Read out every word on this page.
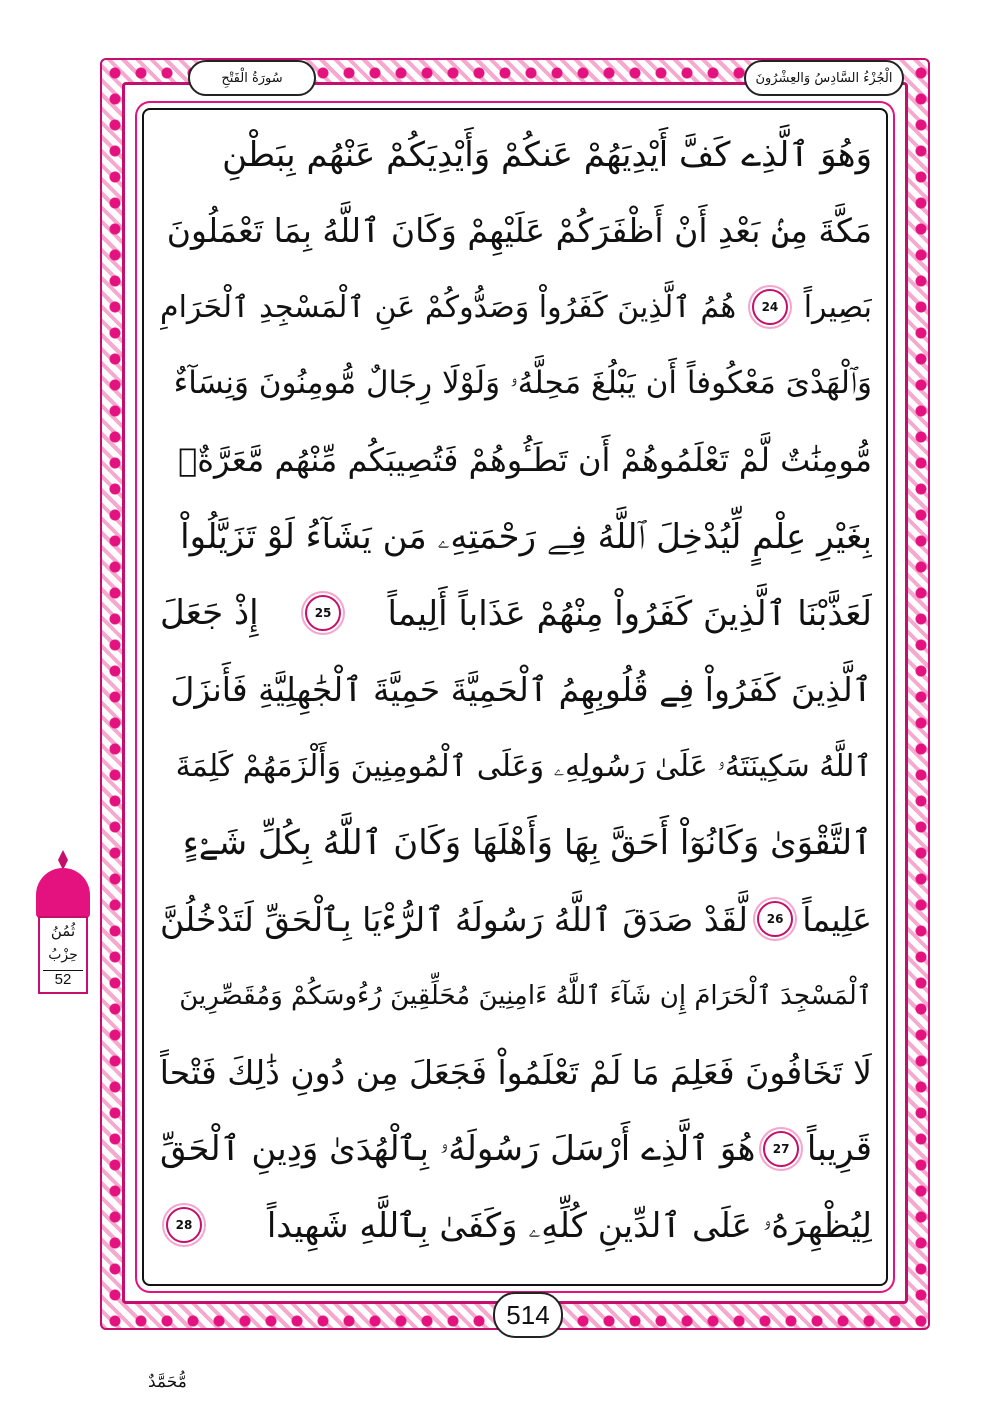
سُورَةُ الْفَتْحِ	الْجُزْءُ السَّادِسُ وَالعِشْرُونَ
وَهُوَ ٱلَّذِے كَفَّ أَيْدِيَهُمْ عَنكُمْ وَأَيْدِيَكُمْ عَنْهُم بِبَطْنِ
مَكَّةَ مِنۢ بَعْدِ أَنْ أَظْفَرَكُمْ عَلَيْهِمْ وَكَانَ ٱللَّهُ بِمَا تَعْمَلُونَ
بَصِيراً
24
هُمُ ٱلَّذِينَ كَفَرُواْ وَصَدُّوكُمْ عَنِ ٱلْمَسْجِدِ ٱلْحَرَامِ
وَٱلْهَدْىَ مَعْكُوفاً أَن يَبْلُغَ مَحِلَّهُۥ وَلَوْلَا رِجَالٌ مُّومِنُونَ وَنِسَآءٌ
مُّومِنَٰتٌ لَّمْ تَعْلَمُوهُمْ أَن تَطَـُٔوهُمْ فَتُصِيبَكُم مِّنْهُم مَّعَرَّةٌۢ
بِغَيْرِ عِلْمٍ لِّيُدْخِلَ ٱللَّهُ فِے رَحْمَتِهِۦ مَن يَشَآءُ لَوْ تَزَيَّلُواْ
لَعَذَّبْنَا ٱلَّذِينَ كَفَرُواْ مِنْهُمْ عَذَاباً أَلِيماً
25
إِذْ جَعَلَ
ٱلَّذِينَ كَفَرُواْ فِے قُلُوبِهِمُ ٱلْحَمِيَّةَ حَمِيَّةَ ٱلْجَٰهِلِيَّةِ فَأَنزَلَ
ٱللَّهُ سَكِينَتَهُۥ عَلَىٰ رَسُولِهِۦ وَعَلَى ٱلْمُومِنِينَ وَأَلْزَمَهُمْ كَلِمَةَ
ٱلتَّقْوَىٰ وَكَانُوٓاْ أَحَقَّ بِهَا وَأَهْلَهَا وَكَانَ ٱللَّهُ بِكُلِّ شَےْءٍ
عَلِيماً
26
لَّقَدْ صَدَقَ ٱللَّهُ رَسُولَهُ ٱلرُّءْيَا بِٱلْحَقِّ لَتَدْخُلُنَّ
ٱلْمَسْجِدَ ٱلْحَرَامَ إِن شَآءَ ٱللَّهُ ءَامِنِينَ مُحَلِّقِينَ رُءُوسَكُمْ وَمُقَصِّرِينَ
لَا تَخَافُونَ فَعَلِمَ مَا لَمْ تَعْلَمُواْ فَجَعَلَ مِن دُونِ ذَٰلِكَ فَتْحاً
قَرِيباً
27
هُوَ ٱلَّذِے أَرْسَلَ رَسُولَهُۥ بِٱلْهُدَىٰ وَدِينِ ٱلْحَقِّ
لِيُظْهِرَهُۥ عَلَى ٱلدِّينِ كُلِّهِۦ وَكَفَىٰ بِٱللَّهِ شَهِيداً
28
514
ثُمُنُ
حِزْبُ
52
مُّحَمَّدٌ
